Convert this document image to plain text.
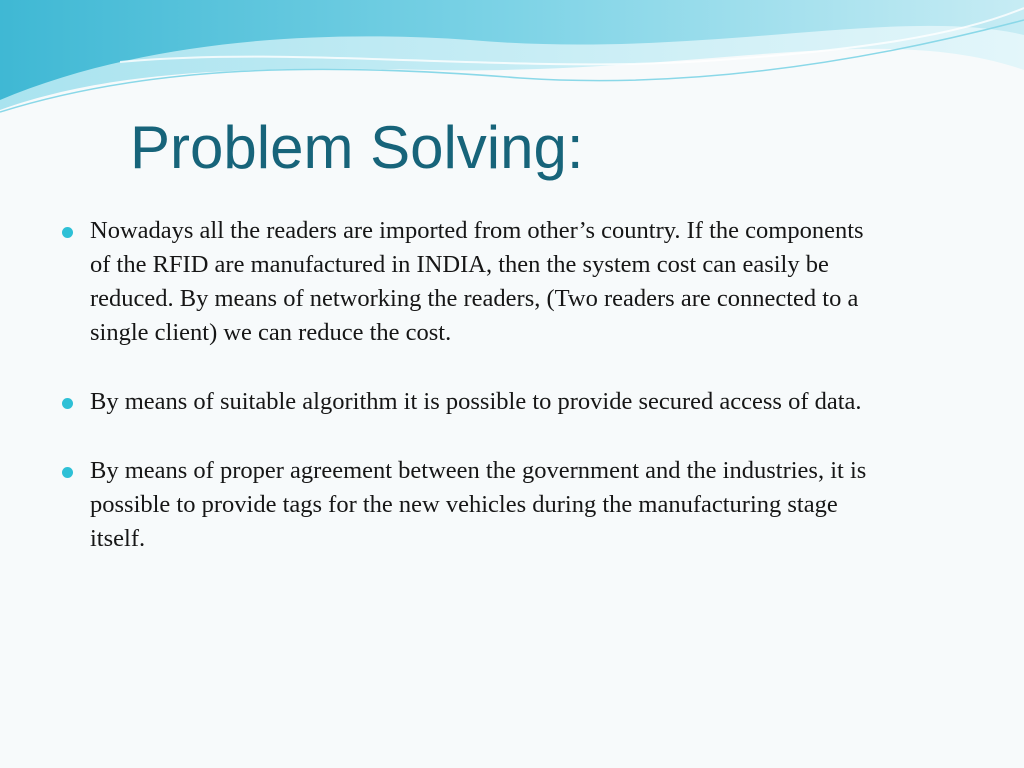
Problem Solving:
Nowadays all the readers are imported from other’s country. If the components of the RFID are manufactured in INDIA, then the system cost can easily be reduced. By means of networking the readers, (Two readers are connected to a single client) we can reduce the cost.
By means of suitable algorithm it is possible to provide secured access of data.
By means of proper agreement between the government and the industries, it is possible to provide tags for the new vehicles during the manufacturing stage itself.
